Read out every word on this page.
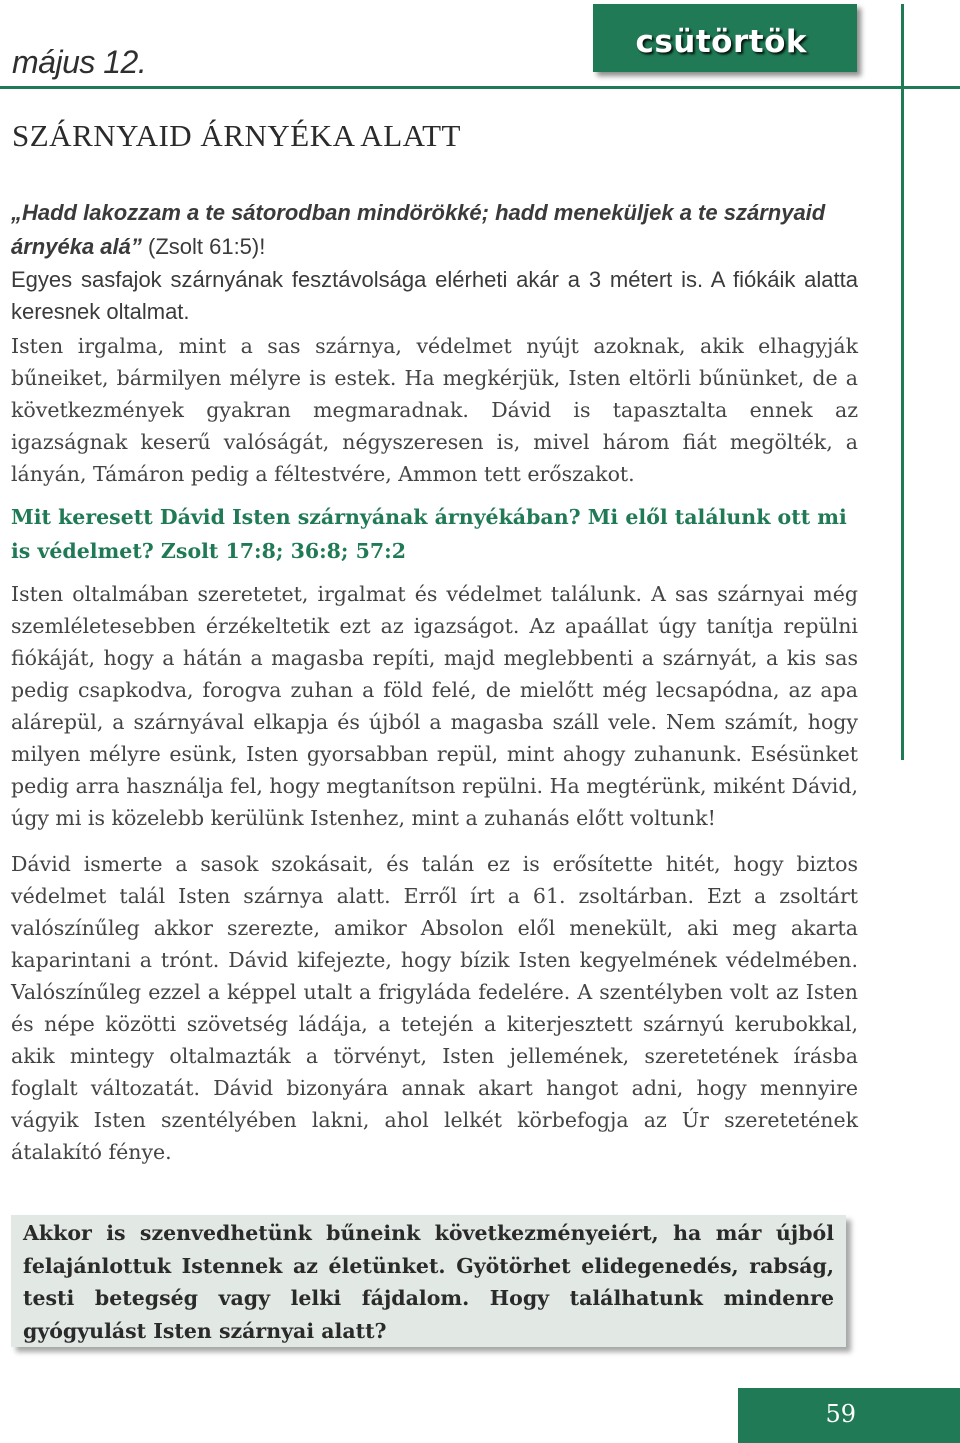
május 12.
csütörtök
SZÁRNYAID ÁRNYÉKA ALATT
„Hadd lakozzam a te sátorodban mindörökké; hadd meneküljek a te szárnyaid árnyéka alá” (Zsolt 61:5)!
Egyes sasfajok szárnyának fesztávolsága elérheti akár a 3 métert is. A fiókáik alatta keresnek oltalmat.

Isten irgalma, mint a sas szárnya, védelmet nyújt azoknak, akik elhagyják bűneiket, bármilyen mélyre is estek. Ha megkérjük, Isten eltörli bűnünket, de a következmények gyakran megmaradnak. Dávid is tapasztalta ennek az igazságnak keserű valóságát, négyszeresen is, mivel három fiát megölték, a lányán, Támáron pedig a féltestvére, Ammon tett erőszakot.

Mit keresett Dávid Isten szárnyának árnyékában? Mi elől találunk ott mi is védelmet? Zsolt 17:8; 36:8; 57:2

Isten oltalmában szeretetet, irgalmat és védelmet találunk. A sas szárnyai még szemléletesebben érzékeltetik ezt az igazságot. Az apaállat úgy tanítja repülni fiókáját, hogy a hátán a magasba repíti, majd meglebbenti a szárnyát, a kis sas pedig csapkodva, forogva zuhan a föld felé, de mielőtt még lecsapódna, az apa alárepül, a szárnyával elkapja és újból a magasba száll vele. Nem számít, hogy milyen mélyre esünk, Isten gyorsabban repül, mint ahogy zuhanunk. Esésünket pedig arra használja fel, hogy megtanítson repülni. Ha megtérünk, miként Dávid, úgy mi is közelebb kerülünk Istenhez, mint a zuhanás előtt voltunk!

Dávid ismerte a sasok szokásait, és talán ez is erősítette hitét, hogy biztos védelmet talál Isten szárnya alatt. Erről írt a 61. zsoltárban. Ezt a zsoltárt valószínűleg akkor szerezte, amikor Absolon elől menekült, aki meg akarta kaparintani a trónt. Dávid kifejezte, hogy bízik Isten kegyelmének védelmében. Valószínűleg ezzel a képpel utalt a frigyláda fedelére. A szentélyben volt az Isten és népe közötti szövetség ládája, a tetején a kiterjesztett szárnyú kerubokkal, akik mintegy oltalmazták a törvényt, Isten jellemének, szeretetének írásba foglalt változatát. Dávid bizonyára annak akart hangot adni, hogy mennyire vágyik Isten szentélyében lakni, ahol lelkét körbefogja az Úr szeretetének átalakító fénye.

Akkor is szenvedhetünk bűneink következményeiért, ha már újból felajánlottuk Istennek az életünket. Gyötörhet elidegenedés, rabság, testi betegség vagy lelki fájdalom. Hogy találhatunk mindenre gyógyulást Isten szárnyai alatt?

59
